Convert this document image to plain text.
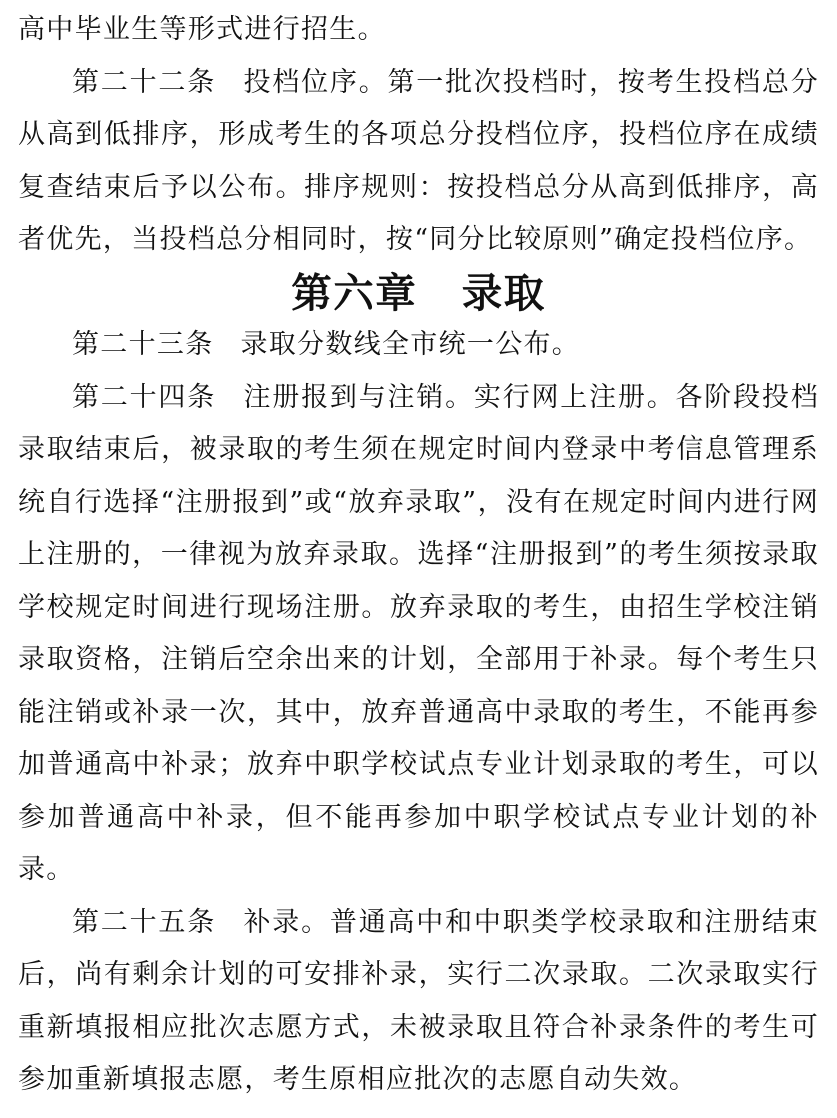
高中毕业生等形式进行招生。

第二十二条 投档位序。第一批次投档时，按考生投档总分从高到低排序，形成考生的各项总分投档位序，投档位序在成绩复查结束后予以公布。排序规则：按投档总分从高到低排序，高者优先，当投档总分相同时，按“同分比较原则”确定投档位序。

第六章 录取

第二十三条 录取分数线全市统一公布。

第二十四条 注册报到与注销。实行网上注册。各阶段投档录取结束后，被录取的考生须在规定时间内登录中考信息管理系统自行选择“注册报到”或“放弃录取”，没有在规定时间内进行网上注册的，一律视为放弃录取。选择“注册报到”的考生须按录取学校规定时间进行现场注册。放弃录取的考生，由招生学校注销录取资格，注销后空余出来的计划，全部用于补录。每个考生只能注销或补录一次，其中，放弃普通高中录取的考生，不能再参加普通高中补录；放弃中职学校试点专业计划录取的考生，可以参加普通高中补录，但不能再参加中职学校试点专业计划的补录。

第二十五条 补录。普通高中和中职类学校录取和注册结束后，尚有剩余计划的可安排补录，实行二次录取。二次录取实行重新填报相应批次志愿方式，未被录取且符合补录条件的考生可参加重新填报志愿，考生原相应批次的志愿自动失效。
